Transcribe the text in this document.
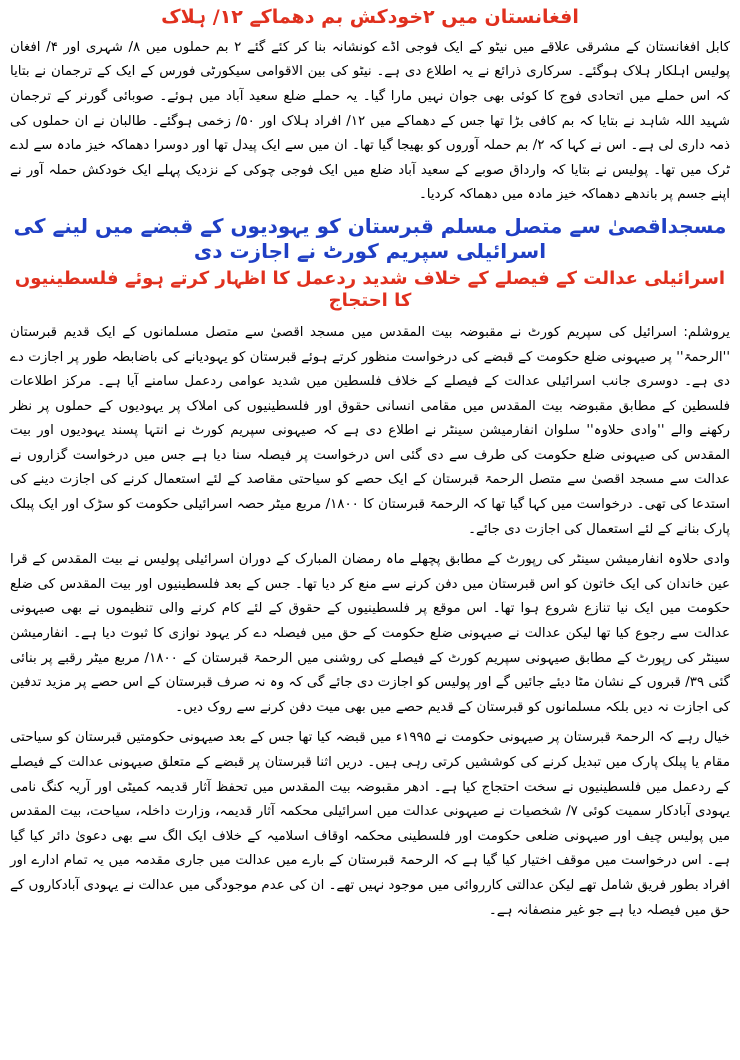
افغانستان میں ۲خودکش بم دھماکے ۱۲/ ہلاک

کابل افغانستان کے مشرقی علاقے میں نیٹو کے ایک فوجی اڈے کونشانہ بنا کر کئے گئے ۲ بم حملوں میں ۸/ شہری اور ۴/ افغان پولیس اہلکار ہلاک ہوگئے۔ سرکاری ذرائع نے یہ اطلاع دی ہے۔ نیٹو کی بین الاقوامی سیکورٹی فورس کے ایک کے ترجمان نے بتایا کہ اس حملے میں اتحادی فوج کا کوئی بھی جوان نہیں مارا گیا۔ یہ حملے ضلع سعید آباد میں ہوئے۔ صوبائی گورنر کے ترجمان شہید اللہ شاہد نے بتایا کہ بم کافی بڑا تھا جس کے دھماکے میں ۱۲/ افراد ہلاک اور ۵۰/ زخمی ہوگئے۔ طالبان نے ان حملوں کی ذمہ داری لی ہے۔ اس نے کہا کہ ۲/ بم حملہ آوروں کو بھیجا گیا تھا۔ ان میں سے ایک پیدل تھا اور دوسرا دھماکہ خیز مادہ سے لدے ٹرک میں تھا۔ پولیس نے بتایا کہ وارداق صوبے کے سعید آباد ضلع میں ایک فوجی چوکی کے نزدیک پہلے ایک خودکش حملہ آور نے اپنے جسم پر باندھے دھماکہ خیز مادہ میں دھماکہ کردیا۔

مسجداقصیٰ سے متصل مسلم قبرستان کو یہودیوں کے قبضے میں لینے کی اسرائیلی سپریم کورٹ نے اجازت دی
اسرائیلی عدالت کے فیصلے کے خلاف شدید ردعمل کا اظہار کرتے ہوئے فلسطینیوں کا احتجاج

یروشلم: اسرائیل کی سپریم کورٹ نے مقبوضہ بیت المقدس میں مسجد اقصیٰ سے متصل مسلمانوں کے ایک قدیم قبرستان ''الرحمۃ'' پر صیہونی ضلع حکومت کے قبضے کی درخواست منظور کرتے ہوئے قبرستان کو یہودیانے کی باضابطہ طور پر اجازت دے دی ہے۔ دوسری جانب اسرائیلی عدالت کے فیصلے کے خلاف فلسطین میں شدید عوامی ردعمل سامنے آیا ہے۔ مرکز اطلاعات فلسطین کے مطابق مقبوضہ بیت المقدس میں مقامی انسانی حقوق اور فلسطینیوں کی املاک پر یہودیوں کے حملوں پر نظر رکھنے والے ''وادی حلاوہ'' سلوان انفارمیشن سینٹر نے اطلاع دی ہے کہ صیہونی سپریم کورٹ نے انتہا پسند یہودیوں اور بیت المقدس کی صیہونی ضلع حکومت کی طرف سے دی گئی اس درخواست پر فیصلہ سنا دیا ہے جس میں درخواست گزاروں نے عدالت سے مسجد اقصیٰ سے متصل الرحمۃ قبرستان کے ایک حصے کو سیاحتی مقاصد کے لئے استعمال کرنے کی اجازت دینے کی استدعا کی تھی۔ درخواست میں کہا گیا تھا کہ الرحمۃ قبرستان کا ۱۸۰۰/ مربع میٹر حصہ اسرائیلی حکومت کو سڑک اور ایک پبلک پارک بنانے کے لئے استعمال کی اجازت دی جائے۔

وادی حلاوہ انفارمیشن سینٹر کی رپورٹ کے مطابق پچھلے ماہ رمضان المبارک کے دوران اسرائیلی پولیس نے بیت المقدس کے قرا عین خاندان کی ایک خاتون کو اس قبرستان میں دفن کرنے سے منع کر دیا تھا۔ جس کے بعد فلسطینیوں اور بیت المقدس کی ضلع حکومت میں ایک نیا تنازع شروع ہوا تھا۔ اس موقع پر فلسطینیوں کے حقوق کے لئے کام کرنے والی تنظیموں نے بھی صیہونی عدالت سے رجوع کیا تھا لیکن عدالت نے صیہونی ضلع حکومت کے حق میں فیصلہ دے کر یہود نوازی کا ثبوت دیا ہے۔ انفارمیشن سینٹر کی رپورٹ کے مطابق صیہونی سپریم کورٹ کے فیصلے کی روشنی میں الرحمۃ قبرستان کے ۱۸۰۰/ مربع میٹر رقبے پر بنائی گئی ۳۹/ قبروں کے نشان مٹا دیئے جائیں گے اور پولیس کو اجازت دی جائے گی کہ وہ نہ صرف قبرستان کے اس حصے پر مزید تدفین کی اجازت نہ دیں بلکہ مسلمانوں کو قبرستان کے قدیم حصے میں بھی میت دفن کرنے سے روک دیں۔

خیال رہے کہ الرحمۃ قبرستان پر صیہونی حکومت نے ۱۹۹۵ء میں قبضہ کیا تھا جس کے بعد صیہونی حکومتیں قبرستان کو سیاحتی مقام یا پبلک پارک میں تبدیل کرنے کی کوششیں کرتی رہی ہیں۔ دریں اثنا قبرستان پر قبضے کے متعلق صیہونی عدالت کے فیصلے کے ردعمل میں فلسطینیوں نے سخت احتجاج کیا ہے۔ ادھر مقبوضہ بیت المقدس میں تحفظ آثار قدیمہ کمیٹی اور آریہ کنگ نامی یہودی آبادکار سمیت کوئی ۷/ شخصیات نے صیہونی عدالت میں اسرائیلی محکمہ آثار قدیمہ، وزارت داخلہ، سیاحت، بیت المقدس میں پولیس چیف اور صیہونی ضلعی حکومت اور فلسطینی محکمہ اوقاف اسلامیہ کے خلاف ایک الگ سے بھی دعویٰ دائر کیا گیا ہے۔ اس درخواست میں موقف اختیار کیا گیا ہے کہ الرحمۃ قبرستان کے بارے میں عدالت میں جاری مقدمہ میں یہ تمام ادارے اور افراد بطور فریق شامل تھے لیکن عدالتی کارروائی میں موجود نہیں تھے۔ ان کی عدم موجودگی میں عدالت نے یہودی آبادکاروں کے حق میں فیصلہ دیا ہے جو غیر منصفانہ ہے۔
